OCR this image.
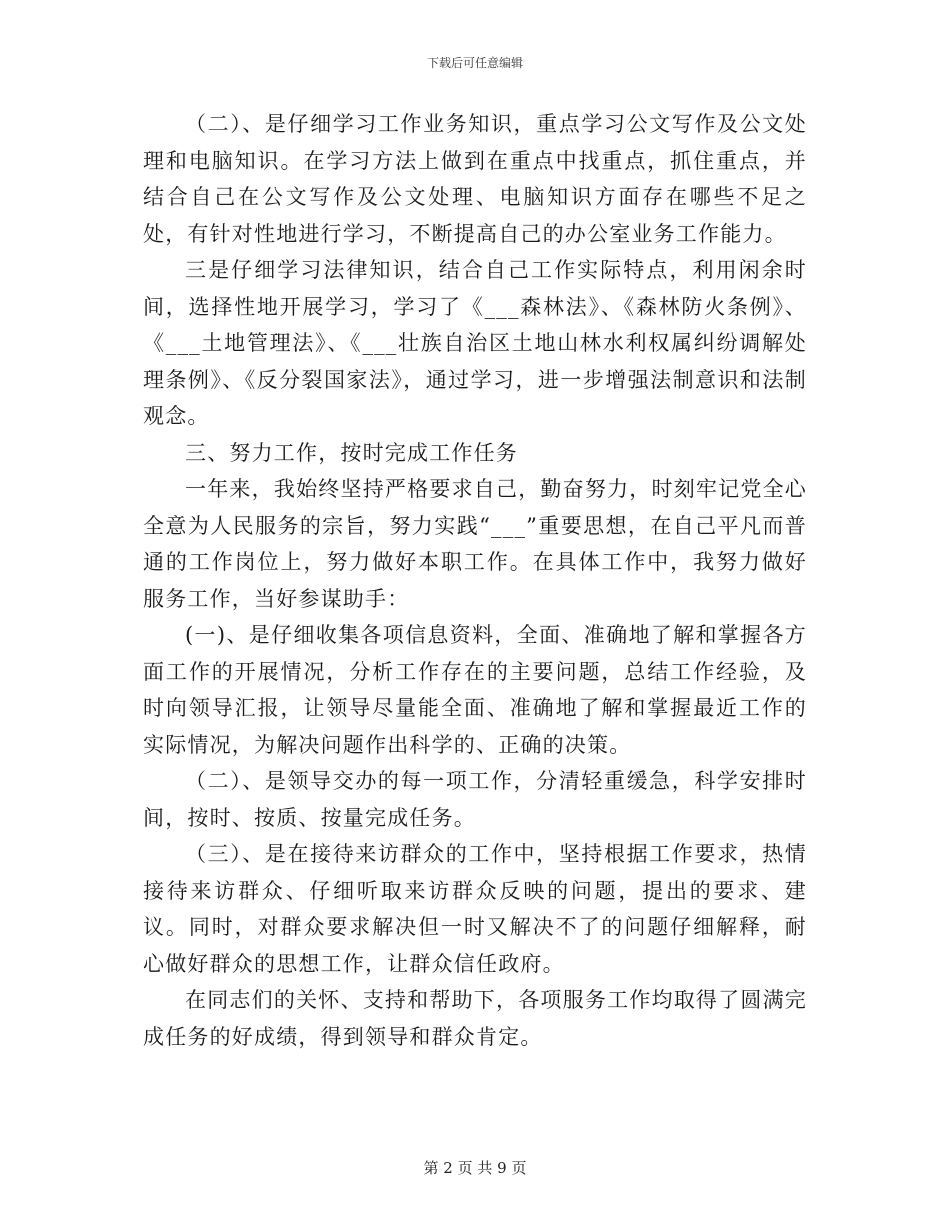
下载后可任意编辑

（二）、是仔细学习工作业务知识，重点学习公文写作及公文处理和电脑知识。在学习方法上做到在重点中找重点，抓住重点，并结合自己在公文写作及公文处理、电脑知识方面存在哪些不足之处，有针对性地进行学习，不断提高自己的办公室业务工作能力。

三是仔细学习法律知识，结合自己工作实际特点，利用闲余时间，选择性地开展学习，学习了《___森林法》、《森林防火条例》、《___土地管理法》、《___壮族自治区土地山林水利权属纠纷调解处理条例》、《反分裂国家法》，通过学习，进一步增强法制意识和法制观念。

三、努力工作，按时完成工作任务

一年来，我始终坚持严格要求自己，勤奋努力，时刻牢记党全心全意为人民服务的宗旨，努力实践“___”重要思想，在自己平凡而普通的工作岗位上，努力做好本职工作。在具体工作中，我努力做好服务工作，当好参谋助手：

(一)、是仔细收集各项信息资料，全面、准确地了解和掌握各方面工作的开展情况，分析工作存在的主要问题，总结工作经验，及时向领导汇报，让领导尽量能全面、准确地了解和掌握最近工作的实际情况，为解决问题作出科学的、正确的决策。

（二）、是领导交办的每一项工作，分清轻重缓急，科学安排时间，按时、按质、按量完成任务。

（三）、是在接待来访群众的工作中，坚持根据工作要求，热情接待来访群众、仔细听取来访群众反映的问题，提出的要求、建议。同时，对群众要求解决但一时又解决不了的问题仔细解释，耐心做好群众的思想工作，让群众信任政府。

在同志们的关怀、支持和帮助下，各项服务工作均取得了圆满完成任务的好成绩，得到领导和群众肯定。

第 2 页 共 9 页
